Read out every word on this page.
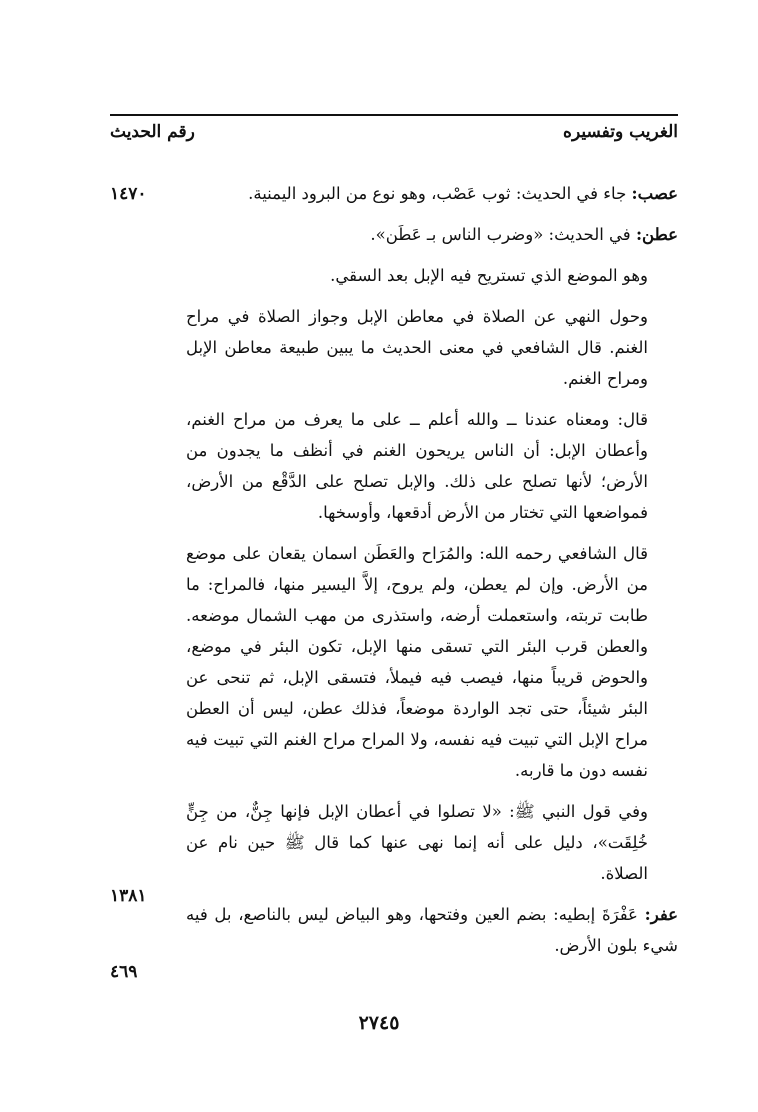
الغريب وتفسيره
رقم الحديث

عصب: جاء في الحديث: ثوب عَصْب، وهو نوع من البرود اليمنية.

عطن: في الحديث: «وضرب الناس بـ عَطَن».

وهو الموضع الذي تستريح فيه الإبل بعد السقي.

وحول النهي عن الصلاة في معاطن الإبل وجواز الصلاة في مراح الغنم. قال الشافعي في معنى الحديث ما يبين طبيعة معاطن الإبل ومراح الغنم.

قال: ومعناه عندنا ــ والله أعلم ــ على ما يعرف من مراح الغنم، وأعطان الإبل: أن الناس يريحون الغنم في أنظف ما يجدون من الأرض؛ لأنها تصلح على ذلك. والإبل تصلح على الدَّقْع من الأرض، فمواضعها التي تختار من الأرض أدقعها، وأوسخها.

قال الشافعي رحمه الله: والمُرَاح والعَطَن اسمان يقعان على موضع من الأرض. وإن لم يعطن، ولم يروح، إلاَّ اليسير منها، فالمراح: ما طابت تربته، واستعملت أرضه، واستذرى من مهب الشمال موضعه. والعطن قرب البئر التي تسقى منها الإبل، تكون البئر في موضع، والحوض قريباً منها، فيصب فيه فيملأ، فتسقى الإبل، ثم تنحى عن البئر شيئاً، حتى تجد الواردة موضعاً، فذلك عطن، ليس أن العطن مراح الإبل التي تبيت فيه نفسه، ولا المراح مراح الغنم التي تبيت فيه نفسه دون ما قاربه.

وفي قول النبي ﷺ: «لا تصلوا في أعطان الإبل فإنها جِنٌّ، من جِنٍّ خُلِقَت»، دليل على أنه إنما نهى عنها كما قال ﷺ حين نام عن الصلاة.

عفر: عَفْرَةَ إبطيه: بضم العين وفتحها، وهو البياض ليس بالناصع، بل فيه شيء بلون الأرض.

١٤٧٠
١٣٨١
٤٦٩
٢٧٤٥
